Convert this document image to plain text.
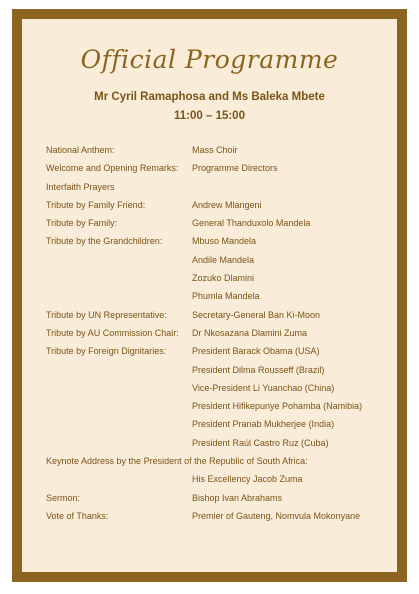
Official Programme
Mr Cyril Ramaphosa and Ms Baleka Mbete
11:00 – 15:00
National Anthem:	Mass Choir
Welcome and Opening Remarks:	Programme Directors
Interfaith Prayers
Tribute by Family Friend:	Andrew Mlangeni
Tribute by Family:	General Thanduxolo Mandela
Tribute by the Grandchildren:	Mbuso Mandela
Andile Mandela
Zozuko Dlamini
Phumla Mandela
Tribute by UN Representative:	Secretary-General Ban Ki-Moon
Tribute by AU Commission Chair:	Dr Nkosazana Dlamini Zuma
Tribute by Foreign Dignitaries:	President Barack Obama (USA)
President Dilma Rousseff (Brazil)
Vice-President Li Yuanchao (China)
President Hifikepunye Pohamba (Namibia)
President Pranab Mukherjee (India)
President Raúl Castro Ruz (Cuba)
Keynote Address by the President of the Republic of South Africa:
His Excellency Jacob Zuma
Sermon:	Bishop Ivan Abrahams
Vote of Thanks:	Premier of Gauteng, Nomvula Mokonyane
